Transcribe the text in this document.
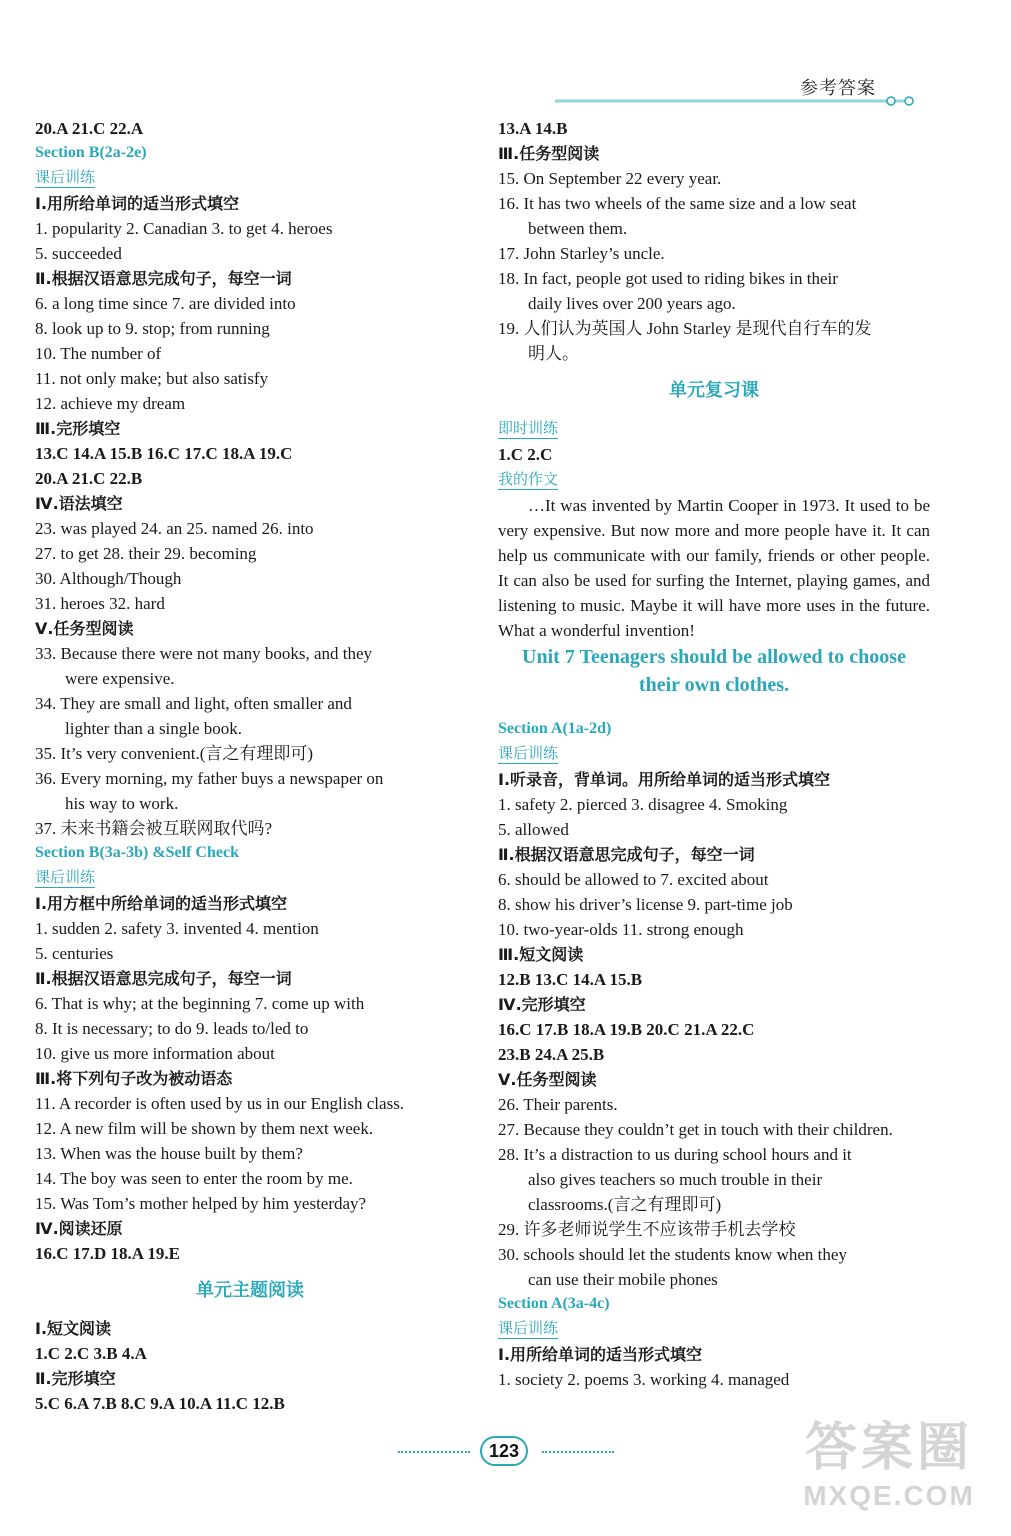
参考答案
20.A 21.C 22.A
Section B(2a-2e)
课后训练
Ⅰ.用所给单词的适当形式填空
1. popularity 2. Canadian 3. to get 4. heroes
5. succeeded
Ⅱ.根据汉语意思完成句子，每空一词
6. a long time since 7. are divided into
8. look up to 9. stop; from running
10. The number of
11. not only make; but also satisfy
12. achieve my dream
Ⅲ.完形填空
13.C 14.A 15.B 16.C 17.C 18.A 19.C
20.A 21.C 22.B
Ⅳ.语法填空
23. was played 24. an 25. named 26. into
27. to get 28. their 29. becoming
30. Although/Though
31. heroes 32. hard
Ⅴ.任务型阅读
33. Because there were not many books, and they
were expensive.
34. They are small and light, often smaller and
lighter than a single book.
35. It’s very convenient.(言之有理即可)
36. Every morning, my father buys a newspaper on
his way to work.
37. 未来书籍会被互联网取代吗?
Section B(3a-3b) &Self Check
课后训练
Ⅰ.用方框中所给单词的适当形式填空
1. sudden 2. safety 3. invented 4. mention
5. centuries
Ⅱ.根据汉语意思完成句子，每空一词
6. That is why; at the beginning 7. come up with
8. It is necessary; to do 9. leads to/led to
10. give us more information about
Ⅲ.将下列句子改为被动语态
11. A recorder is often used by us in our English class.
12. A new film will be shown by them next week.
13. When was the house built by them?
14. The boy was seen to enter the room by me.
15. Was Tom’s mother helped by him yesterday?
Ⅳ.阅读还原
16.C 17.D 18.A 19.E
单元主题阅读
Ⅰ.短文阅读
1.C 2.C 3.B 4.A
Ⅱ.完形填空
5.C 6.A 7.B 8.C 9.A 10.A 11.C 12.B
13.A 14.B
Ⅲ.任务型阅读
15. On September 22 every year.
16. It has two wheels of the same size and a low seat
between them.
17. John Starley’s uncle.
18. In fact, people got used to riding bikes in their
daily lives over 200 years ago.
19. 人们认为英国人 John Starley 是现代自行车的发
明人。
单元复习课
即时训练
1.C 2.C
我的作文
…It was invented by Martin Cooper in 1973. It used to be very expensive. But now more and more people have it. It can help us communicate with our family, friends or other people. It can also be used for surfing the Internet, playing games, and listening to music. Maybe it will have more uses in the future. What a wonderful invention!
Unit 7 Teenagers should be allowed to choose
their own clothes.
Section A(1a-2d)
课后训练
Ⅰ.听录音，背单词。用所给单词的适当形式填空
1. safety 2. pierced 3. disagree 4. Smoking
5. allowed
Ⅱ.根据汉语意思完成句子，每空一词
6. should be allowed to 7. excited about
8. show his driver’s license 9. part-time job
10. two-year-olds 11. strong enough
Ⅲ.短文阅读
12.B 13.C 14.A 15.B
Ⅳ.完形填空
16.C 17.B 18.A 19.B 20.C 21.A 22.C
23.B 24.A 25.B
Ⅴ.任务型阅读
26. Their parents.
27. Because they couldn’t get in touch with their children.
28. It’s a distraction to us during school hours and it
also gives teachers so much trouble in their
classrooms.(言之有理即可)
29. 许多老师说学生不应该带手机去学校
30. schools should let the students know when they
can use their mobile phones
Section A(3a-4c)
课后训练
Ⅰ.用所给单词的适当形式填空
1. society 2. poems 3. working 4. managed
123	答案圈
MXQE.COM
